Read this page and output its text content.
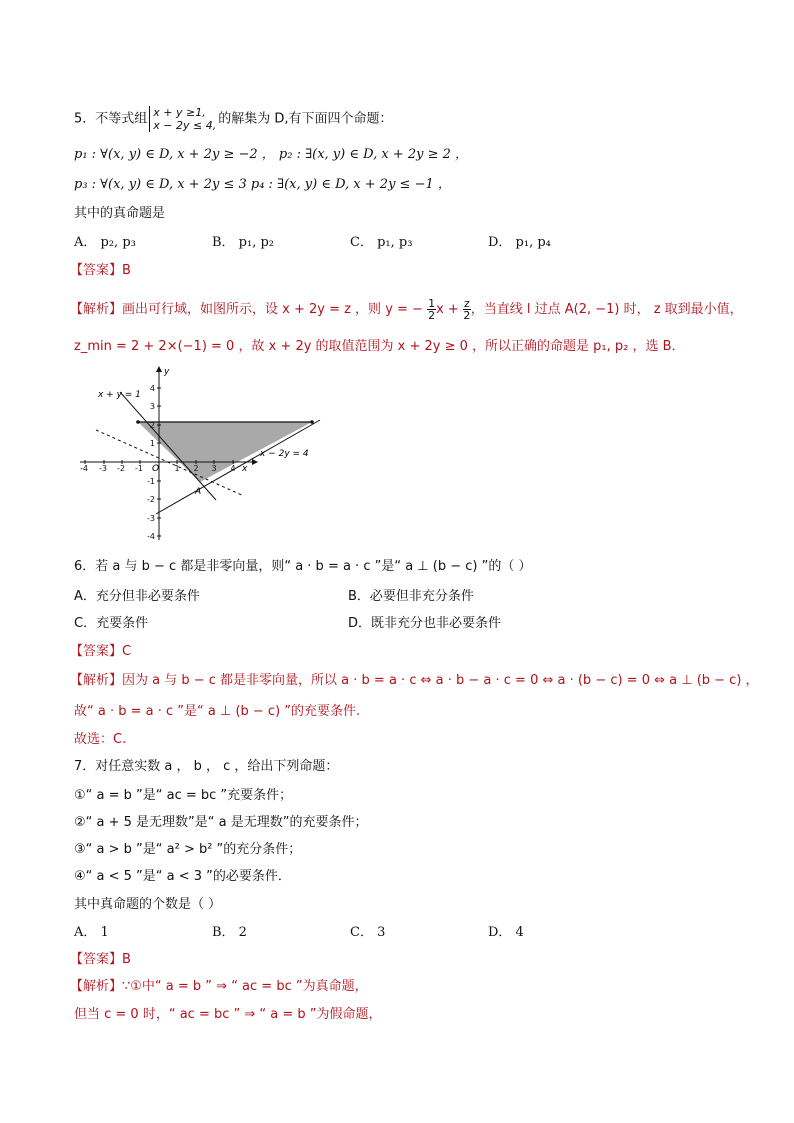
5．不等式组 x + y ≥1,
x − 2y ≤ 4, 的解集为 D,有下面四个命题：
p₁ : ∀(x, y) ∈ D, x + 2y ≥ −2 ， p₂ : ∃(x, y) ∈ D, x + 2y ≥ 2 ，
p₃ : ∀(x, y) ∈ D, x + 2y ≤ 3 p₄ : ∃(x, y) ∈ D, x + 2y ≤ −1 ，
其中的真命题是
A． p₂, p₃	B． p₁, p₂	C． p₁, p₃	D． p₁, p₄
【答案】B
【解析】画出可行域，如图所示，设 x + 2y = z ，则 y = − $\frac{1}{2}$ $x + \frac{z}{2}$ ，当直线 l 过点 A(2, −1) 时， z 取到最小值，
z_min = 2 + 2×(−1) = 0 ，故 x + 2y 的取值范围为 x + 2y ≥ 0 ，所以正确的命题是 p₁, p₂ ，选 B．
-4 -3 -2 -1	1 2 3 4
4
3
2
1
-1
-2
-3
-4
O	x
y
x + y = 1
x − 2y = 4
A
6．若 a 与 b − c 都是非零向量，则“ a · b = a · c ”是“ a ⊥ (b − c) ”的（ ）
A．充分但非必要条件	B．必要但非充分条件
C．充要条件	D．既非充分也非必要条件
【答案】C
【解析】因为 a 与 b − c 都是非零向量，所以 a · b = a · c ⇔ a · b − a · c = 0 ⇔ a · (b − c) = 0 ⇔ a ⊥ (b − c) ，
故“ a · b = a · c ”是“ a ⊥ (b − c) ”的充要条件.
故选：C.
7．对任意实数 a ， b ， c ，给出下列命题：
①“ a = b ”是“ ac = bc ”充要条件；
②“ a + 5 是无理数”是“ a 是无理数”的充要条件；
③“ a > b ”是“ a² > b² ”的充分条件；
④“ a < 5 ”是“ a < 3 ”的必要条件．
其中真命题的个数是（ ）
A． 1	B． 2	C． 3	D． 4
【答案】B
【解析】∵①中“ a = b ” ⇒ “ ac = bc ”为真命题，
但当 c = 0 时，“ ac = bc ” ⇒ “ a = b ”为假命题，
